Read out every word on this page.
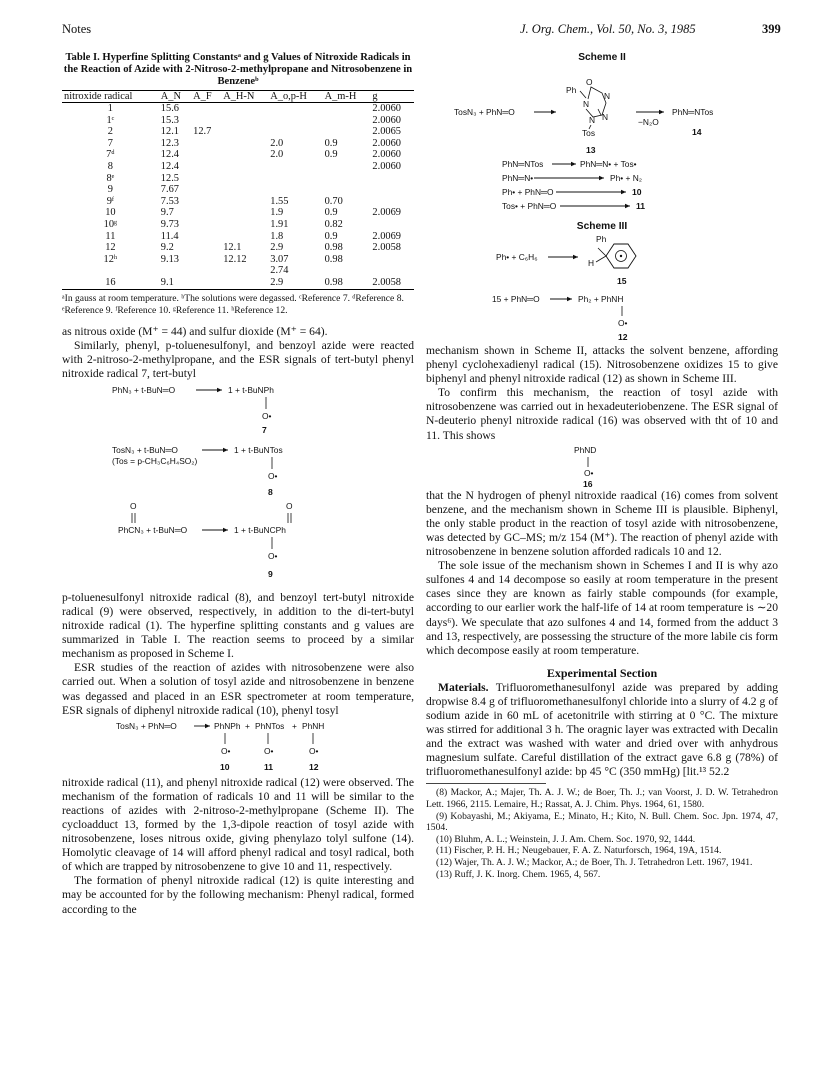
Notes	J. Org. Chem., Vol. 50, No. 3, 1985	399
Table I. Hyperfine Splitting Constantsᵃ and g Values of Nitroxide Radicals in the Reaction of Azide with 2-Nitroso-2-methylpropane and Nitrosobenzene in Benzeneᵇ
nitroxide radical	A_N	A_F	A_H-N	A_o,p-H	A_m-H	g
1	15.6					2.0060
1ᶜ	15.3					2.0060
2	12.1	12.7				2.0065
7	12.3			2.0	0.9	2.0060
7ᵈ	12.4			2.0	0.9	2.0060
8	12.4					2.0060
8ᵉ	12.5					
9	7.67					
9ᶠ	7.53			1.55	0.70	
10	9.7			1.9	0.9	2.0069
10ᵍ	9.73			1.91	0.82	
11	11.4			1.8	0.9	2.0069
12	9.2		12.1	2.9	0.98	2.0058
12ʰ	9.13		12.12	3.07	0.98	
				2.74		
16	9.1			2.9	0.98	2.0058
ᵃIn gauss at room temperature. ᵇThe solutions were degassed. ᶜReference 7. ᵈReference 8. ᵉReference 9. ᶠReference 10. ᵍReference 11. ʰReference 12.

as nitrous oxide (M⁺ = 44) and sulfur dioxide (M⁺ = 64).

Similarly, phenyl, p-toluenesulfonyl, and benzoyl azide were reacted with 2-nitroso-2-methylpropane, and the ESR signals of tert-butyl phenyl nitroxide radical 7, tert-butyl

PhN₃ + t-BuN═O	1 + t-BuNPh
O•
7
TosN₃ + t-BuN═O
(Tos = p-CH₃C₆H₄SO₂)
1 + t-BuNTos
O•
8
O	O
PhCN₃ + t-BuN═O	1 + t-BuNCPh
O•
9

p-toluenesulfonyl nitroxide radical (8), and benzoyl tert-butyl nitroxide radical (9) were observed, respectively, in addition to the di-tert-butyl nitroxide radical (1). The hyperfine splitting constants and g values are summarized in Table I. The reaction seems to proceed by a similar mechanism as proposed in Scheme I.

ESR studies of the reaction of azides with nitrosobenzene were also carried out. When a solution of tosyl azide and nitrosobenzene in benzene was degassed and placed in an ESR spectrometer at room temperature, ESR signals of diphenyl nitroxide radical (10), phenyl tosyl

TosN₃ + PhN═O	PhNPh + PhNTos + PhNH
O•	O•	O•
10	11	12

nitroxide radical (11), and phenyl nitroxide radical (12) were observed. The mechanism of the formation of radicals 10 and 11 will be similar to the reactions of azides with 2-nitroso-2-methylpropane (Scheme II). The cycloadduct 13, formed by the 1,3-dipole reaction of tosyl azide with nitrosobenzene, loses nitrous oxide, giving phenylazo tolyl sulfone (14). Homolytic cleavage of 14 will afford phenyl radical and tosyl radical, both of which are trapped by nitrosobenzene to give 10 and 11, respectively.

The formation of phenyl nitroxide radical (12) is quite interesting and may be accounted for by the following mechanism: Phenyl radical, formed according to the

Scheme II
TosN₃ + PhN═O
Ph
O
N
N
N N
Tos
13
−N₂O
PhN═NTos
14
PhN═NTos	PhN═N• + Tos•
PhN═N•	Ph• + N₂
Ph• + PhN═O	10
Tos• + PhN═O	11
Scheme III
Ph• + C₆H₆
Ph
H
15
15 + PhN═O	Ph₂ + PhNH
O•
12

mechanism shown in Scheme II, attacks the solvent benzene, affording phenyl cyclohexadienyl radical (15). Nitrosobenzene oxidizes 15 to give biphenyl and phenyl nitroxide radical (12) as shown in Scheme III.

To confirm this mechanism, the reaction of tosyl azide with nitrosobenzene was carried out in hexadeuteriobenzene. The ESR signal of N-deuterio phenyl nitroxide radical (16) was observed with tht of 10 and 11. This shows

PhND
O•
16

that the N hydrogen of phenyl nitroxide raadical (16) comes from solvent benzene, and the mechanism shown in Scheme III is plausible. Biphenyl, the only stable product in the reaction of tosyl azide with nitrosobenzene, was detected by GC–MS; m/z 154 (M⁺). The reaction of phenyl azide with nitrosobenzene in benzene solution afforded radicals 10 and 12.

The sole issue of the mechanism shown in Schemes I and II is why azo sulfones 4 and 14 decompose so easily at room temperature in the present cases since they are known as fairly stable compounds (for example, according to our earlier work the half-life of 14 at room temperature is ∼20 days⁶). We speculate that azo sulfones 4 and 14, formed from the adduct 3 and 13, respectively, are possessing the structure of the more labile cis form which decompose easily at room temperature.

Experimental Section

Materials. Trifluoromethanesulfonyl azide was prepared by adding dropwise 8.4 g of trifluoromethanesulfonyl chloride into a slurry of 4.2 g of sodium azide in 60 mL of acetonitrile with stirring at 0 °C. The mixture was stirred for additional 3 h. The oragnic layer was extracted with Decalin and the extract was washed with water and dried over with anhydrous magnesium sulfate. Careful distillation of the extract gave 6.8 g (78%) of trifluoromethanesulfonyl azide: bp 45 °C (350 mmHg) [lit.¹³ 52.2

(8) Mackor, A.; Majer, Th. A. J. W.; de Boer, Th. J.; van Voorst, J. D. W. Tetrahedron Lett. 1966, 2115. Lemaire, H.; Rassat, A. J. Chim. Phys. 1964, 61, 1580.

(9) Kobayashi, M.; Akiyama, E.; Minato, H.; Kito, N. Bull. Chem. Soc. Jpn. 1974, 47, 1504.

(10) Bluhm, A. L.; Weinstein, J. J. Am. Chem. Soc. 1970, 92, 1444.

(11) Fischer, P. H. H.; Neugebauer, F. A. Z. Naturforsch, 1964, 19A, 1514.

(12) Wajer, Th. A. J. W.; Mackor, A.; de Boer, Th. J. Tetrahedron Lett. 1967, 1941.

(13) Ruff, J. K. Inorg. Chem. 1965, 4, 567.
